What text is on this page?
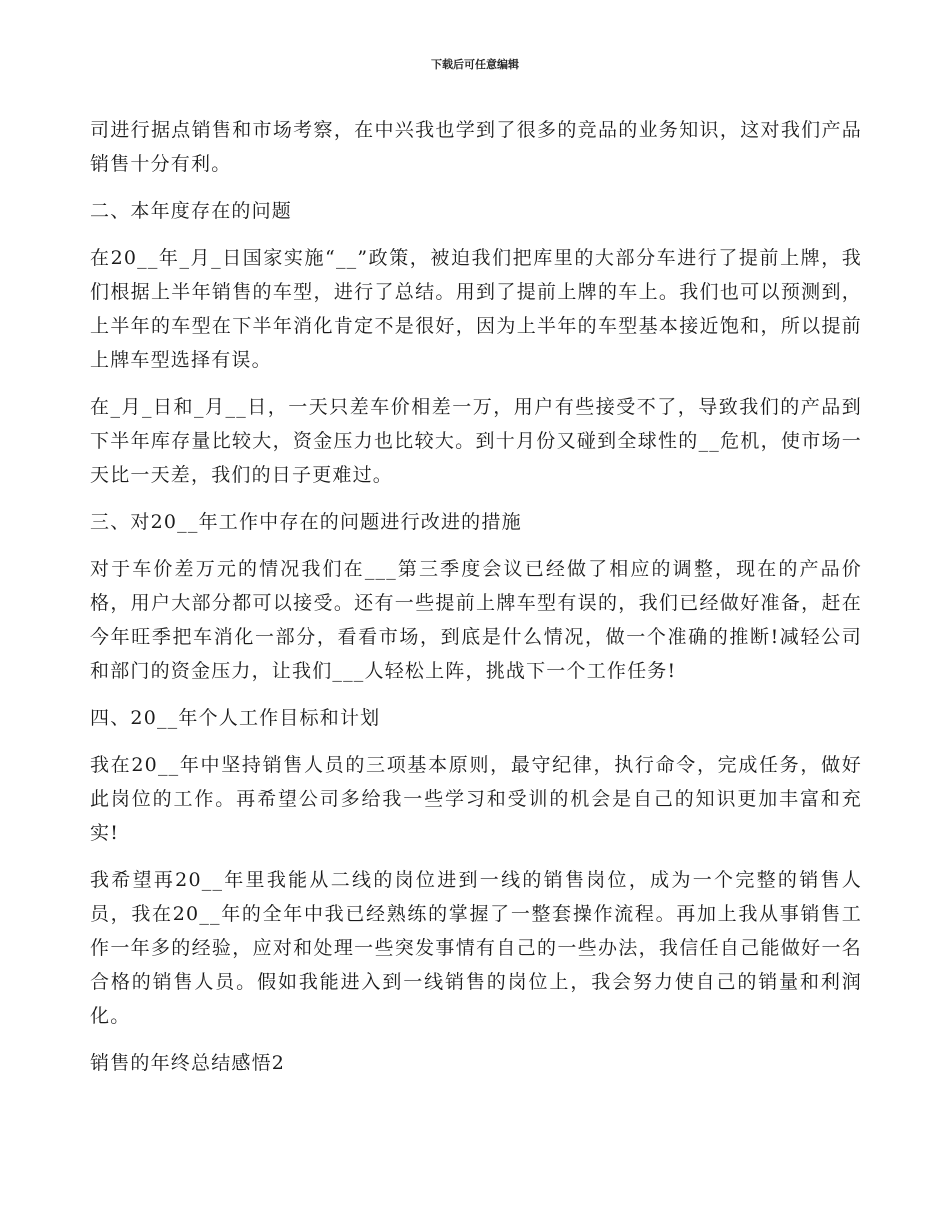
下载后可任意编辑

司进行据点销售和市场考察，在中兴我也学到了很多的竞品的业务知识，这对我们产品销售十分有利。

二、本年度存在的问题

在20__年_月_日国家实施“__”政策，被迫我们把库里的大部分车进行了提前上牌，我们根据上半年销售的车型，进行了总结。用到了提前上牌的车上。我们也可以预测到，上半年的车型在下半年消化肯定不是很好，因为上半年的车型基本接近饱和，所以提前上牌车型选择有误。

在_月_日和_月__日，一天只差车价相差一万，用户有些接受不了，导致我们的产品到下半年库存量比较大，资金压力也比较大。到十月份又碰到全球性的__危机，使市场一天比一天差，我们的日子更难过。

三、对20__年工作中存在的问题进行改进的措施

对于车价差万元的情况我们在___第三季度会议已经做了相应的调整，现在的产品价格，用户大部分都可以接受。还有一些提前上牌车型有误的，我们已经做好准备，赶在今年旺季把车消化一部分，看看市场，到底是什么情况，做一个准确的推断!减轻公司和部门的资金压力，让我们___人轻松上阵，挑战下一个工作任务!

四、20__年个人工作目标和计划

我在20__年中坚持销售人员的三项基本原则，最守纪律，执行命令，完成任务，做好此岗位的工作。再希望公司多给我一些学习和受训的机会是自己的知识更加丰富和充实!

我希望再20__年里我能从二线的岗位进到一线的销售岗位，成为一个完整的销售人员，我在20__年的全年中我已经熟练的掌握了一整套操作流程。再加上我从事销售工作一年多的经验，应对和处理一些突发事情有自己的一些办法，我信任自己能做好一名合格的销售人员。假如我能进入到一线销售的岗位上，我会努力使自己的销量和利润化。

销售的年终总结感悟2
